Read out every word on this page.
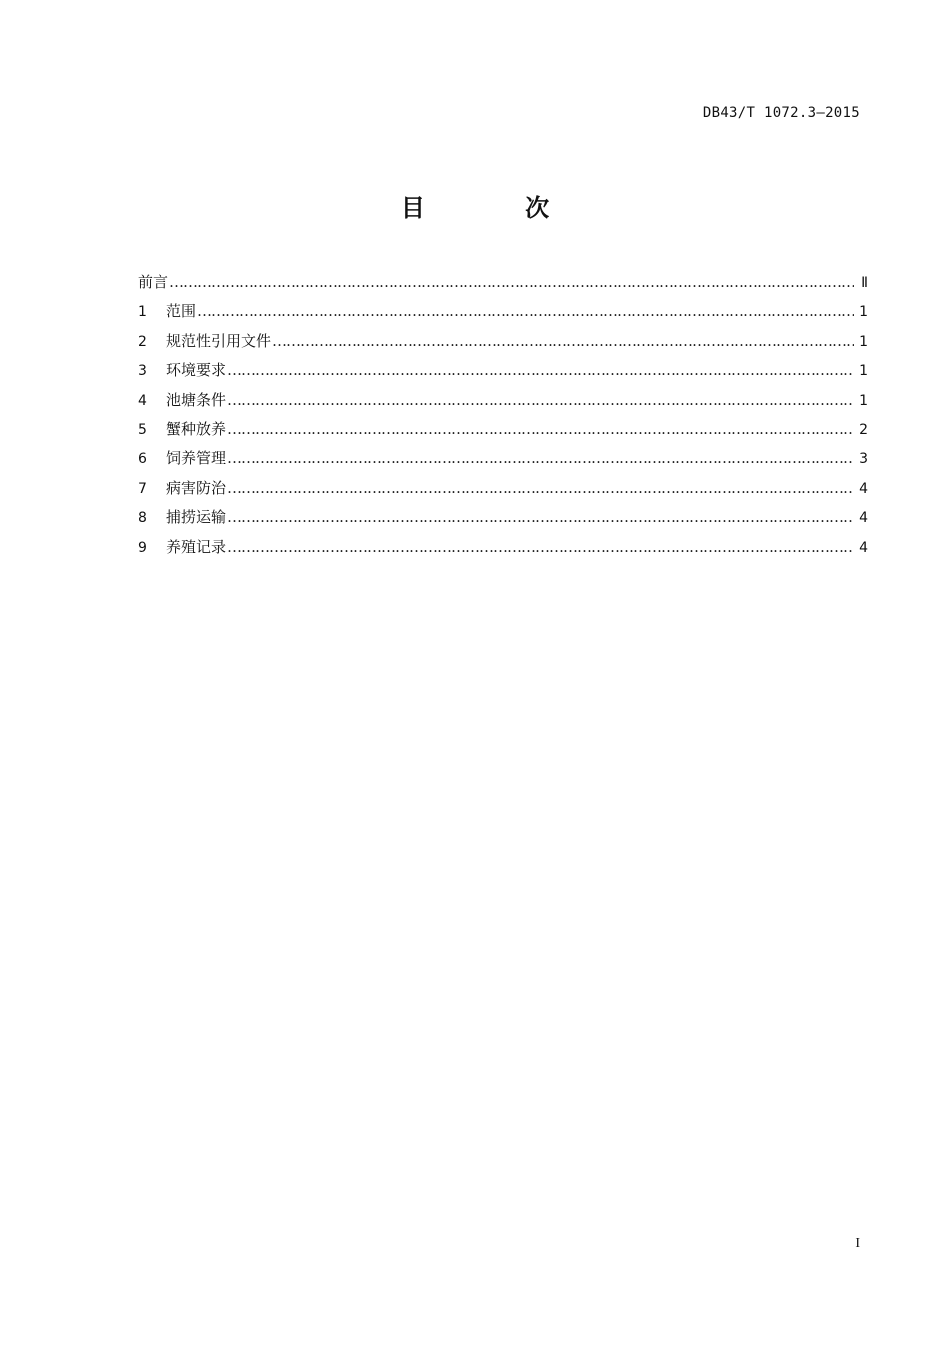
DB43/T 1072.3—2015
目 次
前言 ………………………………………………………………………………………………………………………………………………………………………………………………………………………………………………………………	Ⅱ
1	范围 ………………………………………………………………………………………………………………………………………………………………………………………………………………………………………………………………	1
2	规范性引用文件 ………………………………………………………………………………………………………………………………………………………………………………………………………………………………………………………………	1
3	环境要求 ………………………………………………………………………………………………………………………………………………………………………………………………………………………………………………………………	1
4	池塘条件 ………………………………………………………………………………………………………………………………………………………………………………………………………………………………………………………………	1
5	蟹种放养 ………………………………………………………………………………………………………………………………………………………………………………………………………………………………………………………………	2
6	饲养管理 ………………………………………………………………………………………………………………………………………………………………………………………………………………………………………………………………	3
7	病害防治 ………………………………………………………………………………………………………………………………………………………………………………………………………………………………………………………………	4
8	捕捞运输 ………………………………………………………………………………………………………………………………………………………………………………………………………………………………………………………………	4
9	养殖记录 ………………………………………………………………………………………………………………………………………………………………………………………………………………………………………………………………	4
I
